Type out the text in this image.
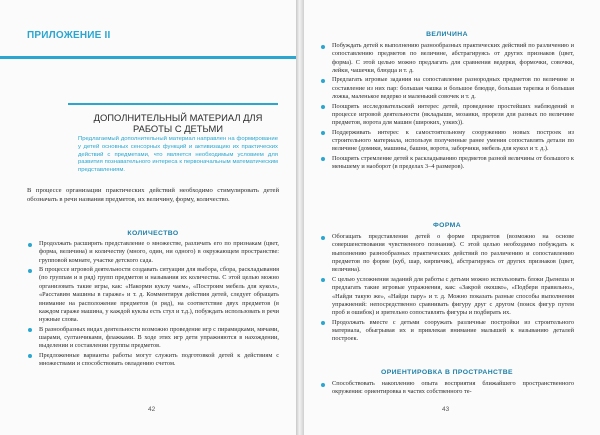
ПРИЛОЖЕНИЕ II
ДОПОЛНИТЕЛЬНЫЙ МАТЕРИАЛ ДЛЯ РАБОТЫ С ДЕТЬМИ
Предлагаемый дополнительный материал направлен на формирование у детей основных сенсорных функций и активизацию их практических действий с предметами, что является необходимым условием для развития познавательного интереса к первоначальным математическим представлениям.
В процессе организации практических действий необходимо стимулировать детей обозначать в речи названия предметов, их величину, форму, количество.
КОЛИЧЕСТВО
Продолжать расширять представление о множестве, различать его по признакам (цвет, форма, величина) и количеству (много, один, ни одного) в окружающем пространстве: групповой комнате, участке детского сада.
В процессе игровой деятельности создавать ситуации для выбора, сбора, раскладывания (по группам и в ряд) групп предметов и называния их количества. С этой целью можно организовать такие игры, как: «Накорми куклу чаем», «Построим мебель для кукол», «Расставим машины в гараже» и т. д. Комментируя действия детей, следует обращать внимание на расположение предметов (в ряд), на соответствие двух предметов (в каждом гараже машина, у каждой куклы есть стул и т.д.), побуждать использовать в речи нужные слова.
В разнообразных видах деятельности возможно проведение игр с пирамидками, мячами, шарами, султанчиками, флажками. В ходе этих игр дети упражняются в нахождении, выделении и составлении группы предметов.
Предложенные варианты работы могут служить подготовкой детей к действиям с множествами и способствовать овладению счетом.
42
ВЕЛИЧИНА
Побуждать детей к выполнению разнообразных практических действий по различению и сопоставлению предметов по величине, абстрагируясь от других признаков (цвет, форма). С этой целью можно предлагать для сравнения ведерки, формочки, совочки, лейки, чашечки, блюдца и т. д.
Предлагать игровые задания на сопоставление разнородных предметов по величине и составление из них пар: большая чашка и большое блюдце, большая тарелка и большая ложка, маленькое ведерко и маленький совочек и т. д.
Поощрять исследовательский интерес детей, проведение простейших наблюдений в процессе игровой деятельности (вкладыши, мозаики, прорези для разных по величине предметов, ворота для машин (широких, узких)).
Поддерживать интерес к самостоятельному сооружению новых построек из строительного материала, используя полученные ранее умения сопоставлять детали по величине (домики, машины, башни, ворота, заборчики, мебель для кукол и т. д.).
Поощрять стремление детей к раскладыванию предметов разной величины от большого к меньшему и наоборот (в пределах 3–4 размеров).
ФОРМА
Обогащать представления детей о форме предметов (возможно на основе совершенствования чувственного познания). С этой целью необходимо побуждать к выполнению разнообразных практических действий по различению и сопоставлению предметов по форме (куб, шар, кирпичик), абстрагируясь от других признаков (цвет, величина).
С целью усложнения заданий для работы с детьми можно использовать блоки Дьенеша и предлагать такие игровые упражнения, как: «Закрой окошко», «Подбери правильно», «Найди такую же», «Найди пару» и т. д. Можно показать разные способы выполнения упражнений: непосредственно сравнивать фигуру друг с другом (поиск фигур путем проб и ошибок) и зрительно сопоставлять фигуры и подбирать их.
Продолжать вместе с детьми сооружать различные постройки из строительного материала, обыгрывая их и привлекая внимание малышей к называнию деталей построек.
ОРИЕНТИРОВКА В ПРОСТРАНСТВЕ
Способствовать накоплению опыта восприятия ближайшего пространственного окружения: ориентировка в частях собственного те-
43
